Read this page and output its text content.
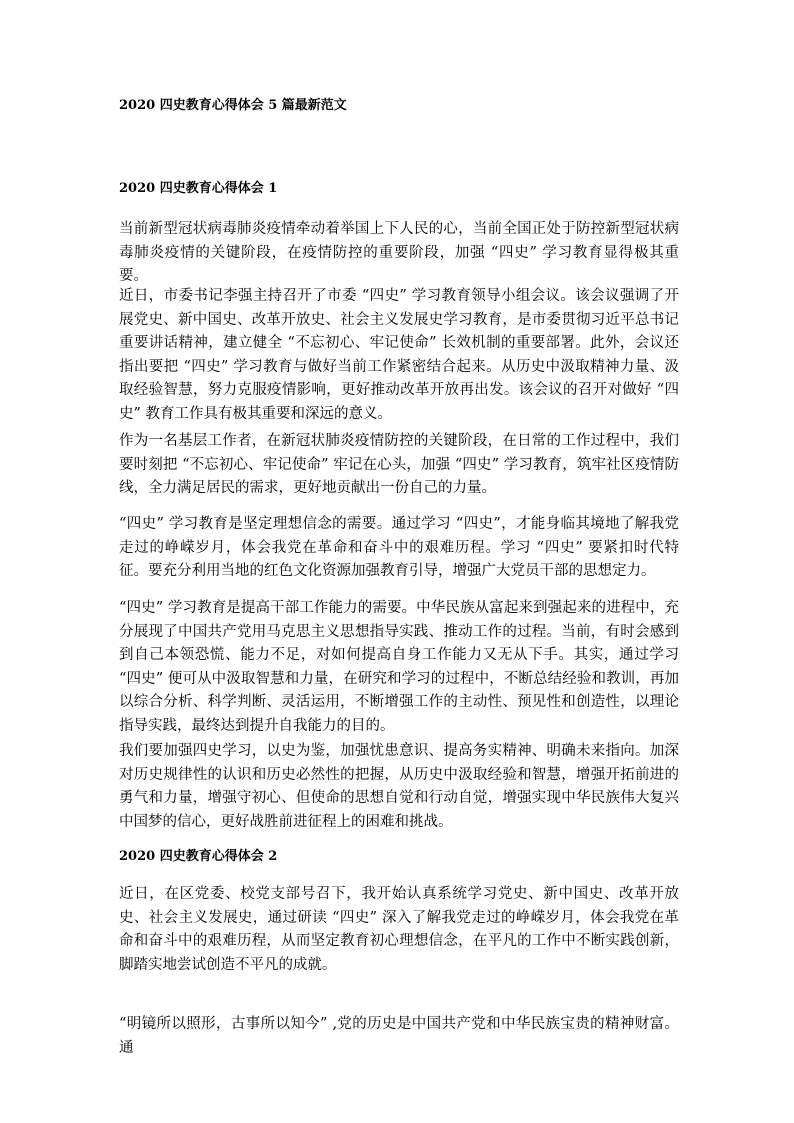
2020 四史教育心得体会 5 篇最新范文
2020 四史教育心得体会 1
当前新型冠状病毒肺炎疫情牵动着举国上下人民的心，当前全国正处于防控新型冠状病毒肺炎疫情的关键阶段，在疫情防控的重要阶段，加强 “四史” 学习教育显得极其重要。
近日，市委书记李强主持召开了市委 “四史” 学习教育领导小组会议。该会议强调了开展党史、新中国史、改革开放史、社会主义发展史学习教育，是市委贯彻习近平总书记重要讲话精神，建立健全 “不忘初心、牢记使命” 长效机制的重要部署。此外，会议还指出要把 “四史” 学习教育与做好当前工作紧密结合起来。从历史中汲取精神力量、汲取经验智慧，努力克服疫情影响，更好推动改革开放再出发。该会议的召开对做好 “四史” 教育工作具有极其重要和深远的意义。
作为一名基层工作者，在新冠状肺炎疫情防控的关键阶段，在日常的工作过程中，我们要时刻把 “不忘初心、牢记使命” 牢记在心头，加强 “四史” 学习教育，筑牢社区疫情防线，全力满足居民的需求，更好地贡献出一份自己的力量。
“四史” 学习教育是坚定理想信念的需要。通过学习 “四史”，才能身临其境地了解我党走过的峥嵘岁月，体会我党在革命和奋斗中的艰难历程。学习 “四史” 要紧扣时代特征。要充分利用当地的红色文化资源加强教育引导，增强广大党员干部的思想定力。
“四史” 学习教育是提高干部工作能力的需要。中华民族从富起来到强起来的进程中，充分展现了中国共产党用马克思主义思想指导实践、推动工作的过程。当前，有时会感到到自己本领恐慌、能力不足，对如何提高自身工作能力又无从下手。其实，通过学习 “四史” 便可从中汲取智慧和力量，在研究和学习的过程中，不断总结经验和教训，再加以综合分析、科学判断、灵活运用，不断增强工作的主动性、预见性和创造性，以理论指导实践，最终达到提升自我能力的目的。
我们要加强四史学习，以史为鉴，加强忧患意识、提高务实精神、明确未来指向。加深对历史规律性的认识和历史必然性的把握，从历史中汲取经验和智慧，增强开拓前进的勇气和力量，增强守初心、但使命的思想自觉和行动自觉，增强实现中华民族伟大复兴中国梦的信心，更好战胜前进征程上的困难和挑战。
2020 四史教育心得体会 2
近日，在区党委、校党支部号召下，我开始认真系统学习党史、新中国史、改革开放史、社会主义发展史，通过研读 “四史” 深入了解我党走过的峥嵘岁月，体会我党在革命和奋斗中的艰难历程，从而坚定教育初心理想信念，在平凡的工作中不断实践创新，脚踏实地尝试创造不平凡的成就。
“明镜所以照形，古事所以知今” ,党的历史是中国共产党和中华民族宝贵的精神财富。通
